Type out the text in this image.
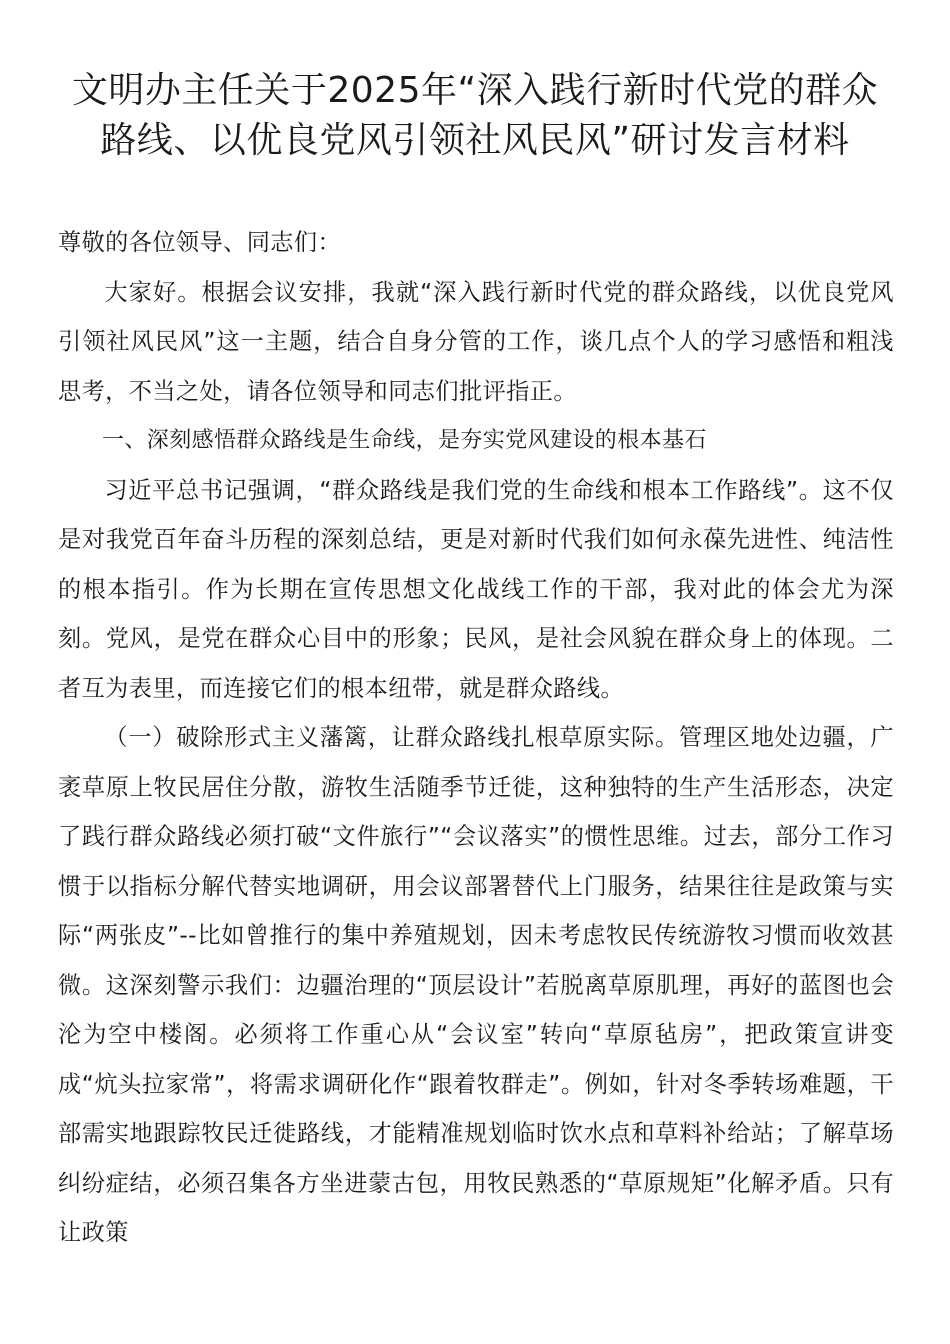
文明办主任关于2025年“深入践行新时代党的群众
路线、以优良党风引领社风民风”研讨发言材料

尊敬的各位领导、同志们：

大家好。根据会议安排，我就“深入践行新时代党的群众路线，以优良党风引领社风民风”这一主题，结合自身分管的工作，谈几点个人的学习感悟和粗浅思考，不当之处，请各位领导和同志们批评指正。

一、深刻感悟群众路线是生命线，是夯实党风建设的根本基石

习近平总书记强调，“群众路线是我们党的生命线和根本工作路线”。这不仅是对我党百年奋斗历程的深刻总结，更是对新时代我们如何永葆先进性、纯洁性的根本指引。作为长期在宣传思想文化战线工作的干部，我对此的体会尤为深刻。党风，是党在群众心目中的形象；民风，是社会风貌在群众身上的体现。二者互为表里，而连接它们的根本纽带，就是群众路线。

（一）破除形式主义藩篱，让群众路线扎根草原实际。管理区地处边疆，广袤草原上牧民居住分散，游牧生活随季节迁徙，这种独特的生产生活形态，决定了践行群众路线必须打破“文件旅行”“会议落实”的惯性思维。过去，部分工作习惯于以指标分解代替实地调研，用会议部署替代上门服务，结果往往是政策与实际“两张皮”--比如曾推行的集中养殖规划，因未考虑牧民传统游牧习惯而收效甚微。这深刻警示我们：边疆治理的“顶层设计”若脱离草原肌理，再好的蓝图也会沦为空中楼阁。必须将工作重心从“会议室”转向“草原毡房”，把政策宣讲变成“炕头拉家常”，将需求调研化作“跟着牧群走”。例如，针对冬季转场难题，干部需实地跟踪牧民迁徙路线，才能精准规划临时饮水点和草料补给站；了解草场纠纷症结，必须召集各方坐进蒙古包，用牧民熟悉的“草原规矩”化解矛盾。只有让政策
